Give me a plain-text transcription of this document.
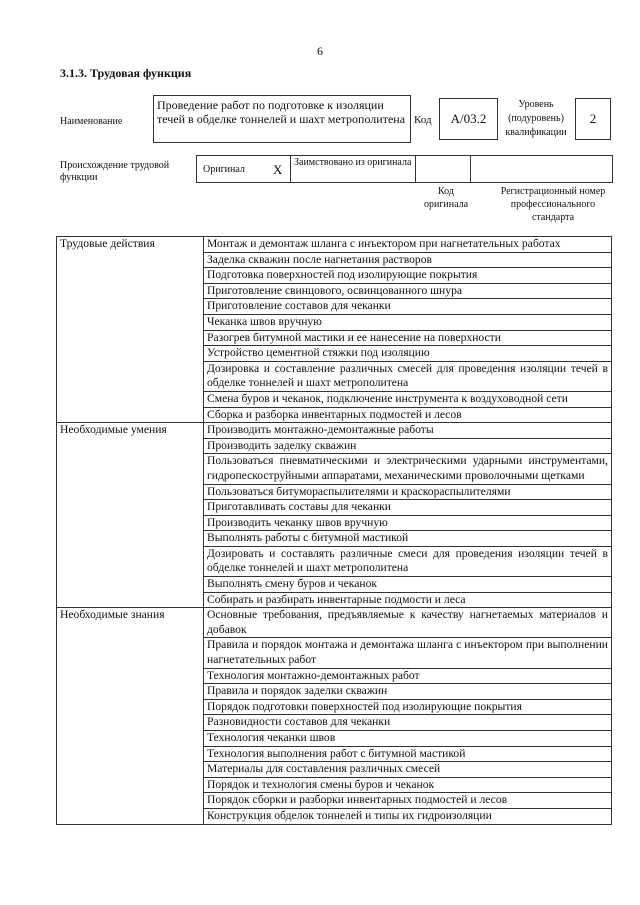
6
3.1.3. Трудовая функция
Наименование
Проведение работ по подготовке к изоляции течей в обделке тоннелей и шахт метрополитена Код	A/03.2
Уровень (подуровень) квалификации
2
Происхождение трудовой функции
Оригинал X Заимствовано из оригинала
Код оригинала
Регистрационный номер профессионального стандарта
Трудовые действия	Монтаж и демонтаж шланга с инъектором при нагнетательных работах
	Заделка скважин после нагнетания растворов
	Подготовка поверхностей под изолирующие покрытия
	Приготовление свинцового, освинцованного шнура
	Приготовление составов для чеканки
	Чеканка швов вручную
	Разогрев битумной мастики и ее нанесение на поверхности
	Устройство цементной стяжки под изоляцию
	Дозировка и составление различных смесей для проведения изоляции течей в обделке тоннелей и шахт метрополитена
	Смена буров и чеканок, подключение инструмента к воздуховодной сети
	Сборка и разборка инвентарных подмостей и лесов
Необходимые умения	Производить монтажно-демонтажные работы
	Производить заделку скважин
	Пользоваться пневматическими и электрическими ударными инструментами, гидропескоструйными аппаратами, механическими проволочными щетками
	Пользоваться битумораспылителями и краскораспылителями
	Приготавливать составы для чеканки
	Производить чеканку швов вручную
	Выполнять работы с битумной мастикой
	Дозировать и составлять различные смеси для проведения изоляции течей в обделке тоннелей и шахт метрополитена
	Выполнять смену буров и чеканок
	Собирать и разбирать инвентарные подмости и леса
Необходимые знания	Основные требования, предъявляемые к качеству нагнетаемых материалов и добавок
	Правила и порядок монтажа и демонтажа шланга с инъектором при выполнении нагнетательных работ
	Технология монтажно-демонтажных работ
	Правила и порядок заделки скважин
	Порядок подготовки поверхностей под изолирующие покрытия
	Разновидности составов для чеканки
	Технология чеканки швов
	Технология выполнения работ с битумной мастикой
	Материалы для составления различных смесей
	Порядок и технология смены буров и чеканок
	Порядок сборки и разборки инвентарных подмостей и лесов
	Конструкция обделок тоннелей и типы их гидроизоляции
